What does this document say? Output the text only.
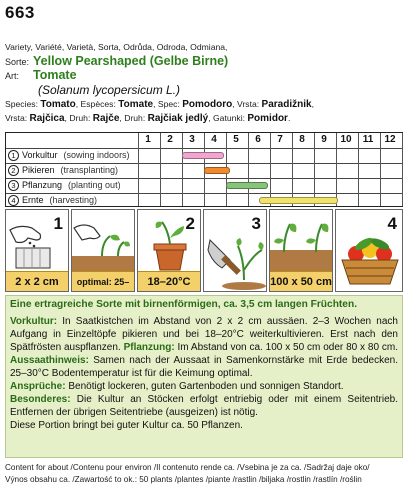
663
Variety, Variété, Varietà, Sorta, Odrůda, Odroda, Odmiana,
Sorte: Yellow Pearshaped (Gelbe Birne)
Art: Tomate
(Solanum lycopersicum L.)
Species: Tomato, Espèces: Tomate, Spec: Pomodoro, Vrsta: Paradižnik,
Vrsta: Rajčica, Druh: Rajče, Druh: Rajčiak jedlý, Gatunki: Pomidor.
1 Vorkultur (sowing indoors)
2 Pikieren (transplanting)
3 Pflanzung (planting out)
4 Ernte (harvesting)
1	2	3	4	5	6	7	8	9	10	11	12
1
2 x 2 cm	optimal: 25–
2
18–20°C
3
100 x 50 cm
4
Eine ertragreiche Sorte mit birnenförmigen, ca. 3,5 cm langen Früchten.
Vorkultur: In Saatkistchen im Abstand von 2 x 2 cm aussäen. 2–3 Wochen nach Aufgang in Einzeltöpfe pikieren und bei 18–20°C weiterkultivieren. Erst nach den Spätfrösten auspflanzen. Pflanzung: Im Abstand von ca. 100 x 50 cm oder 80 x 80 cm. Aussaathinweis: Samen nach der Aussaat in Samenkornstärke mit Erde bedecken. 25–30°C Bodentemperatur ist für die Keimung optimal.
Ansprüche: Benötigt lockeren, guten Gartenboden und sonnigen Standort.
Besonderes: Die Kultur an Stöcken erfolgt entriebig oder mit einem Seitentrieb. Entfernen der übrigen Seitentriebe (ausgeizen) ist nötig.
Diese Portion bringt bei guter Kultur ca. 50 Pflanzen.
Content for about /Contenu pour environ /Il contenuto rende ca. /Vsebina je za ca. /Sadržaj daje oko/
Výnos obsahu ca. /Zawartość to ok.: 50 plants /plantes /piante /rastlin /biljaka /rostlin /rastlín /roślin
